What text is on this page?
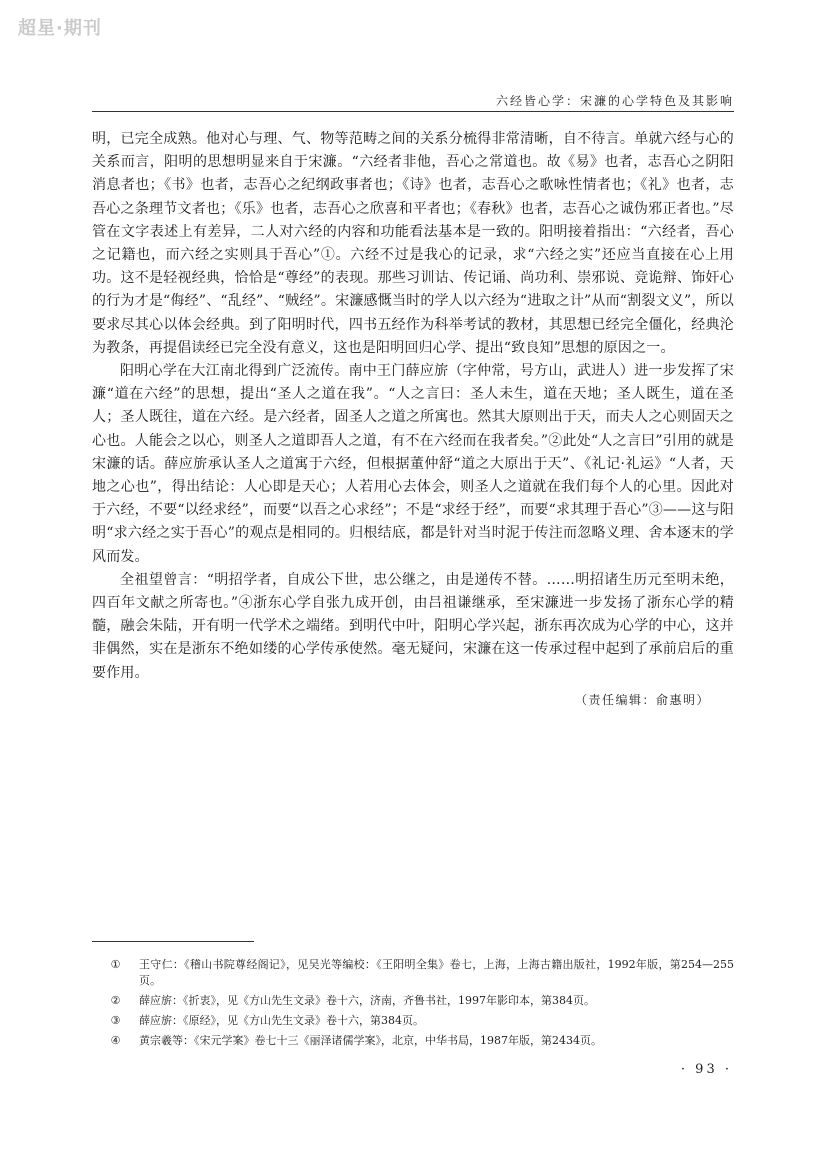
超星·期刊
六经皆心学：宋濂的心学特色及其影响

明，已完全成熟。他对心与理、气、物等范畴之间的关系分梳得非常清晰，自不待言。单就六经与心的关系而言，阳明的思想明显来自于宋濂。“六经者非他，吾心之常道也。故《易》也者，志吾心之阴阳消息者也；《书》也者，志吾心之纪纲政事者也；《诗》也者，志吾心之歌咏性情者也；《礼》也者，志吾心之条理节文者也；《乐》也者，志吾心之欣喜和平者也；《春秋》也者，志吾心之诚伪邪正者也。”尽管在文字表述上有差异，二人对六经的内容和功能看法基本是一致的。阳明接着指出：“六经者，吾心之记籍也，而六经之实则具于吾心”①。六经不过是我心的记录，求“六经之实”还应当直接在心上用功。这不是轻视经典，恰恰是“尊经”的表现。那些习训诂、传记诵、尚功利、崇邪说、竞诡辩、饰奸心的行为才是“侮经”、“乱经”、“贼经”。宋濂感慨当时的学人以六经为“进取之计”从而“割裂文义”，所以要求尽其心以体会经典。到了阳明时代，四书五经作为科举考试的教材，其思想已经完全僵化，经典沦为教条，再提倡读经已完全没有意义，这也是阳明回归心学、提出“致良知”思想的原因之一。

阳明心学在大江南北得到广泛流传。南中王门薛应旂（字仲常，号方山，武进人）进一步发挥了宋濂“道在六经”的思想，提出“圣人之道在我”。“人之言曰：圣人未生，道在天地；圣人既生，道在圣人；圣人既往，道在六经。是六经者，固圣人之道之所寓也。然其大原则出于天，而夫人之心则固天之心也。人能会之以心，则圣人之道即吾人之道，有不在六经而在我者矣。”②此处“人之言曰”引用的就是宋濂的话。薛应旂承认圣人之道寓于六经，但根据董仲舒“道之大原出于天”、《礼记·礼运》“人者，天地之心也”，得出结论：人心即是天心；人若用心去体会，则圣人之道就在我们每个人的心里。因此对于六经，不要“以经求经”，而要“以吾之心求经”；不是“求经于经”，而要“求其理于吾心”③——这与阳明“求六经之实于吾心”的观点是相同的。归根结底，都是针对当时泥于传注而忽略义理、舍本逐末的学风而发。

全祖望曾言：“明招学者，自成公下世，忠公继之，由是递传不替。……明招诸生历元至明未绝，四百年文献之所寄也。”④浙东心学自张九成开创，由吕祖谦继承，至宋濂进一步发扬了浙东心学的精髓，融会朱陆，开有明一代学术之端绪。到明代中叶，阳明心学兴起，浙东再次成为心学的中心，这并非偶然，实在是浙东不绝如缕的心学传承使然。毫无疑问，宋濂在这一传承过程中起到了承前启后的重要作用。

（责任编辑：俞惠明）
①	王守仁：《稽山书院尊经阁记》，见吴光等编校：《王阳明全集》卷七，上海，上海古籍出版社，1992年版，第254—255页。
②	薛应旂：《折衷》，见《方山先生文录》卷十六，济南，齐鲁书社，1997年影印本，第384页。
③	薛应旂：《原经》，见《方山先生文录》卷十六，第384页。
④	黄宗羲等：《宋元学案》卷七十三《丽泽诸儒学案》，北京，中华书局，1987年版，第2434页。
· 93 ·
